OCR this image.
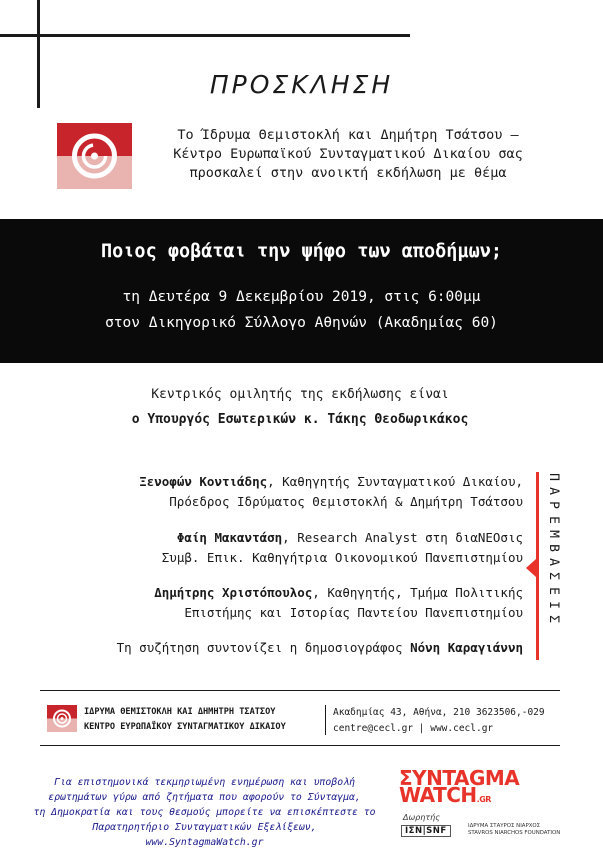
ΠΡΟΣΚΛΗΣΗ
Το Ίδρυμα Θεμιστοκλή και Δημήτρη Τσάτσου –
Κέντρο Ευρωπαϊκού Συνταγματικού Δικαίου σας
προσκαλεί στην ανοικτή εκδήλωση με θέμα
Ποιος φοβάται την ψήφο των αποδήμων;
τη Δευτέρα 9 Δεκεμβρίου 2019, στις 6:00μμ
στον Δικηγορικό Σύλλογο Αθηνών (Ακαδημίας 60)
Κεντρικός ομιλητής της εκδήλωσης είναι
ο Υπουργός Εσωτερικών κ. Τάκης Θεοδωρικάκος
Ξενοφών Κοντιάδης, Καθηγητής Συνταγματικού Δικαίου,
Πρόεδρος Ιδρύματος Θεμιστοκλή & Δημήτρη Τσάτσου
Φαίη Μακαντάση, Research Analyst στη διαΝΕΟσις
Συμβ. Επικ. Καθηγήτρια Οικονομικού Πανεπιστημίου
Δημήτρης Χριστόπουλος, Καθηγητής, Τμήμα Πολιτικής
Επιστήμης και Ιστορίας Παντείου Πανεπιστημίου
Τη συζήτηση συντονίζει η δημοσιογράφος Νόνη Καραγιάννη
Π
Α
Ρ
Ε
Μ
Β
Α
Σ
Ε
Ι
Σ
ΙΔΡΥΜΑ ΘΕΜΙΣΤΟΚΛΗ ΚΑΙ ΔΗΜΗΤΡΗ ΤΣΑΤΣΟΥ
ΚΕΝΤΡΟ ΕΥΡΩΠΑΪΚΟΥ ΣΥΝΤΑΓΜΑΤΙΚΟΥ ΔΙΚΑΙΟΥ
Ακαδημίας 43, Αθήνα, 210 3623506,-029
centre@cecl.gr | www.cecl.gr
Για επιστημονικά τεκμηριωμένη ενημέρωση και υποβολή
ερωτημάτων γύρω από ζητήματα που αφορούν το Σύνταγμα,
τη Δημοκρατία και τους θεσμούς μπορείτε να επισκέπτεστε το
Παρατηρητήριο Συνταγματικών Εξελίξεων, www.SyntagmaWatch.gr
ΣYNTAGMA
WATCH.GR
Δωρητής
ΙΣΝ|SNF	ΙΔΡΥΜΑ ΣΤΑΥΡΟΣ ΝΙΑΡΧΟΣ
STAVROS NIARCHOS FOUNDATION
